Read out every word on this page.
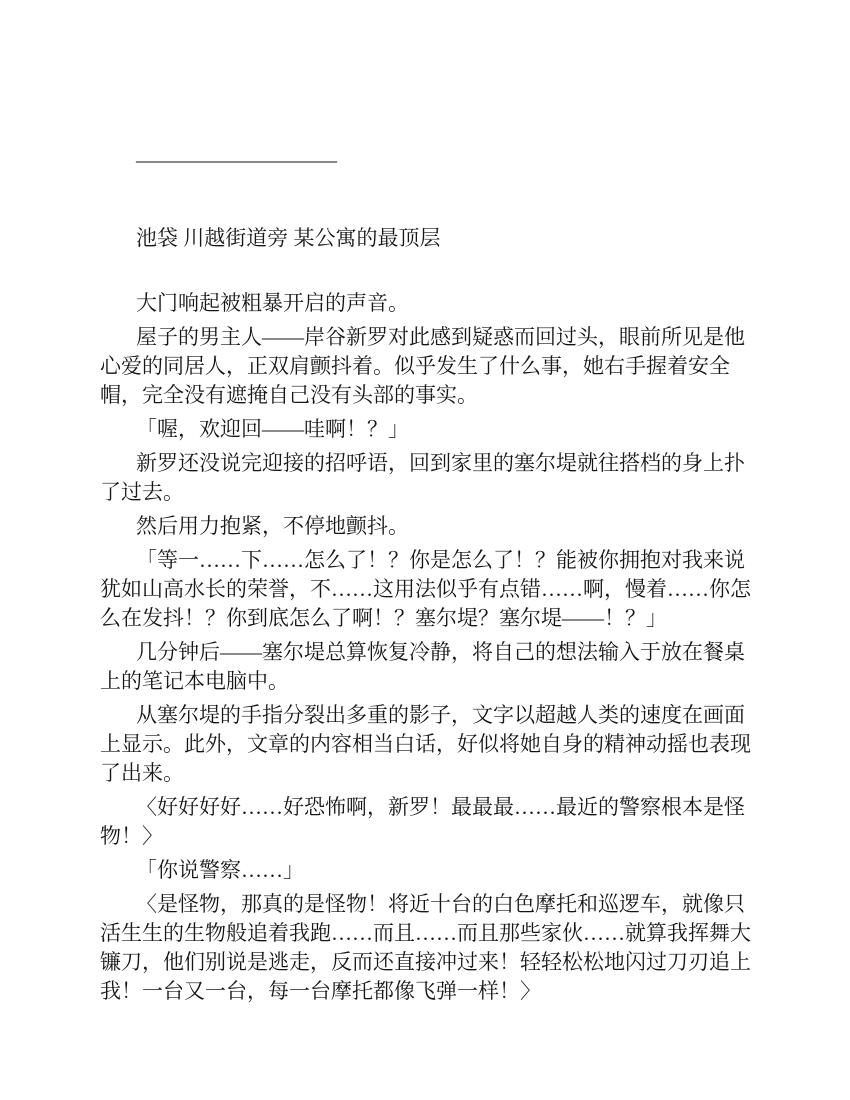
——————————
池袋 川越街道旁 某公寓的最顶层

大门响起被粗暴开启的声音。

屋子的男主人——岸谷新罗对此感到疑惑而回过头，眼前所见是他心爱的同居人，正双肩颤抖着。似乎发生了什么事，她右手握着安全帽，完全没有遮掩自己没有头部的事实。

「喔，欢迎回——哇啊！？」

新罗还没说完迎接的招呼语，回到家里的塞尔堤就往搭档的身上扑了过去。

然后用力抱紧，不停地颤抖。

「等一……下……怎么了！？你是怎么了！？能被你拥抱对我来说犹如山高水长的荣誉，不……这用法似乎有点错……啊，慢着……你怎么在发抖！？你到底怎么了啊！？塞尔堤？塞尔堤——！？」

几分钟后——塞尔堤总算恢复冷静，将自己的想法输入于放在餐桌上的笔记本电脑中。

从塞尔堤的手指分裂出多重的影子，文字以超越人类的速度在画面上显示。此外，文章的内容相当白话，好似将她自身的精神动摇也表现了出来。

〈好好好好……好恐怖啊，新罗！最最最……最近的警察根本是怪物！〉

「你说警察……」

〈是怪物，那真的是怪物！将近十台的白色摩托和巡逻车，就像只活生生的生物般追着我跑……而且……而且那些家伙……就算我挥舞大镰刀，他们别说是逃走，反而还直接冲过来！轻轻松松地闪过刀刃追上我！一台又一台，每一台摩托都像飞弹一样！〉
